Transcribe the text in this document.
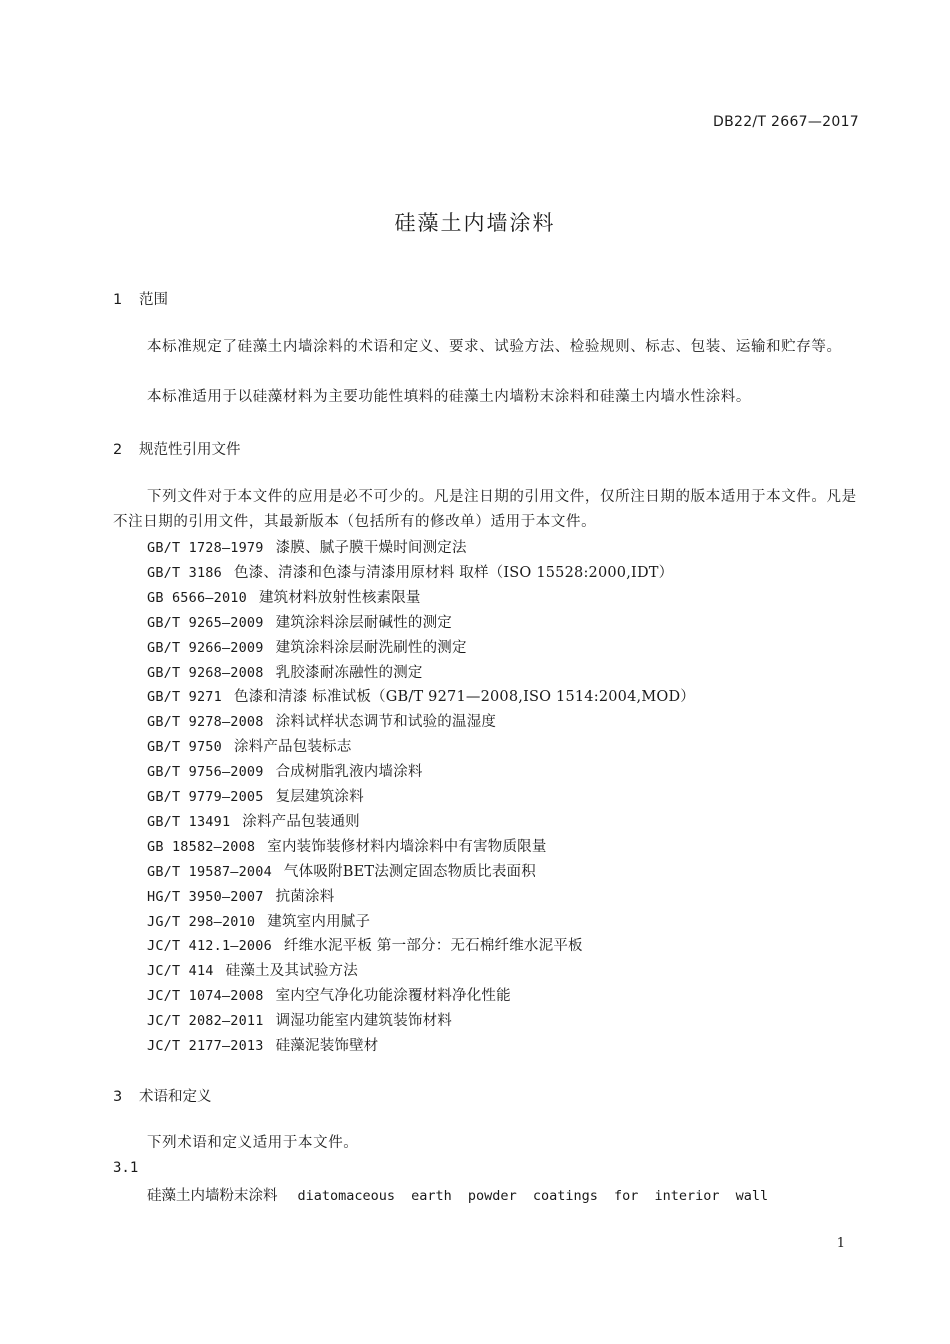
DB22/T 2667—2017
硅藻土内墙涂料
1 范围
本标准规定了硅藻土内墙涂料的术语和定义、要求、试验方法、检验规则、标志、包装、运输和贮存等。
本标准适用于以硅藻材料为主要功能性填料的硅藻土内墙粉末涂料和硅藻土内墙水性涂料。
2 规范性引用文件
下列文件对于本文件的应用是必不可少的。凡是注日期的引用文件，仅所注日期的版本适用于本文件。凡是不注日期的引用文件，其最新版本（包括所有的修改单）适用于本文件。
GB/T 1728—1979 漆膜、腻子膜干燥时间测定法
GB/T 3186 色漆、清漆和色漆与清漆用原材料 取样（ISO 15528:2000,IDT）
GB 6566—2010 建筑材料放射性核素限量
GB/T 9265—2009 建筑涂料涂层耐碱性的测定
GB/T 9266—2009 建筑涂料涂层耐洗刷性的测定
GB/T 9268—2008 乳胶漆耐冻融性的测定
GB/T 9271 色漆和清漆 标准试板（GB/T 9271—2008,ISO 1514:2004,MOD）
GB/T 9278—2008 涂料试样状态调节和试验的温湿度
GB/T 9750 涂料产品包装标志
GB/T 9756—2009 合成树脂乳液内墙涂料
GB/T 9779—2005 复层建筑涂料
GB/T 13491 涂料产品包装通则
GB 18582—2008 室内装饰装修材料内墙涂料中有害物质限量
GB/T 19587—2004 气体吸附BET法测定固态物质比表面积
HG/T 3950—2007 抗菌涂料
JG/T 298—2010 建筑室内用腻子
JC/T 412.1—2006 纤维水泥平板 第一部分：无石棉纤维水泥平板
JC/T 414 硅藻土及其试验方法
JC/T 1074—2008 室内空气净化功能涂覆材料净化性能
JC/T 2082—2011 调湿功能室内建筑装饰材料
JC/T 2177—2013 硅藻泥装饰壁材
3 术语和定义
下列术语和定义适用于本文件。
3.1
硅藻土内墙粉末涂料 diatomaceous earth powder coatings for interior wall
1
